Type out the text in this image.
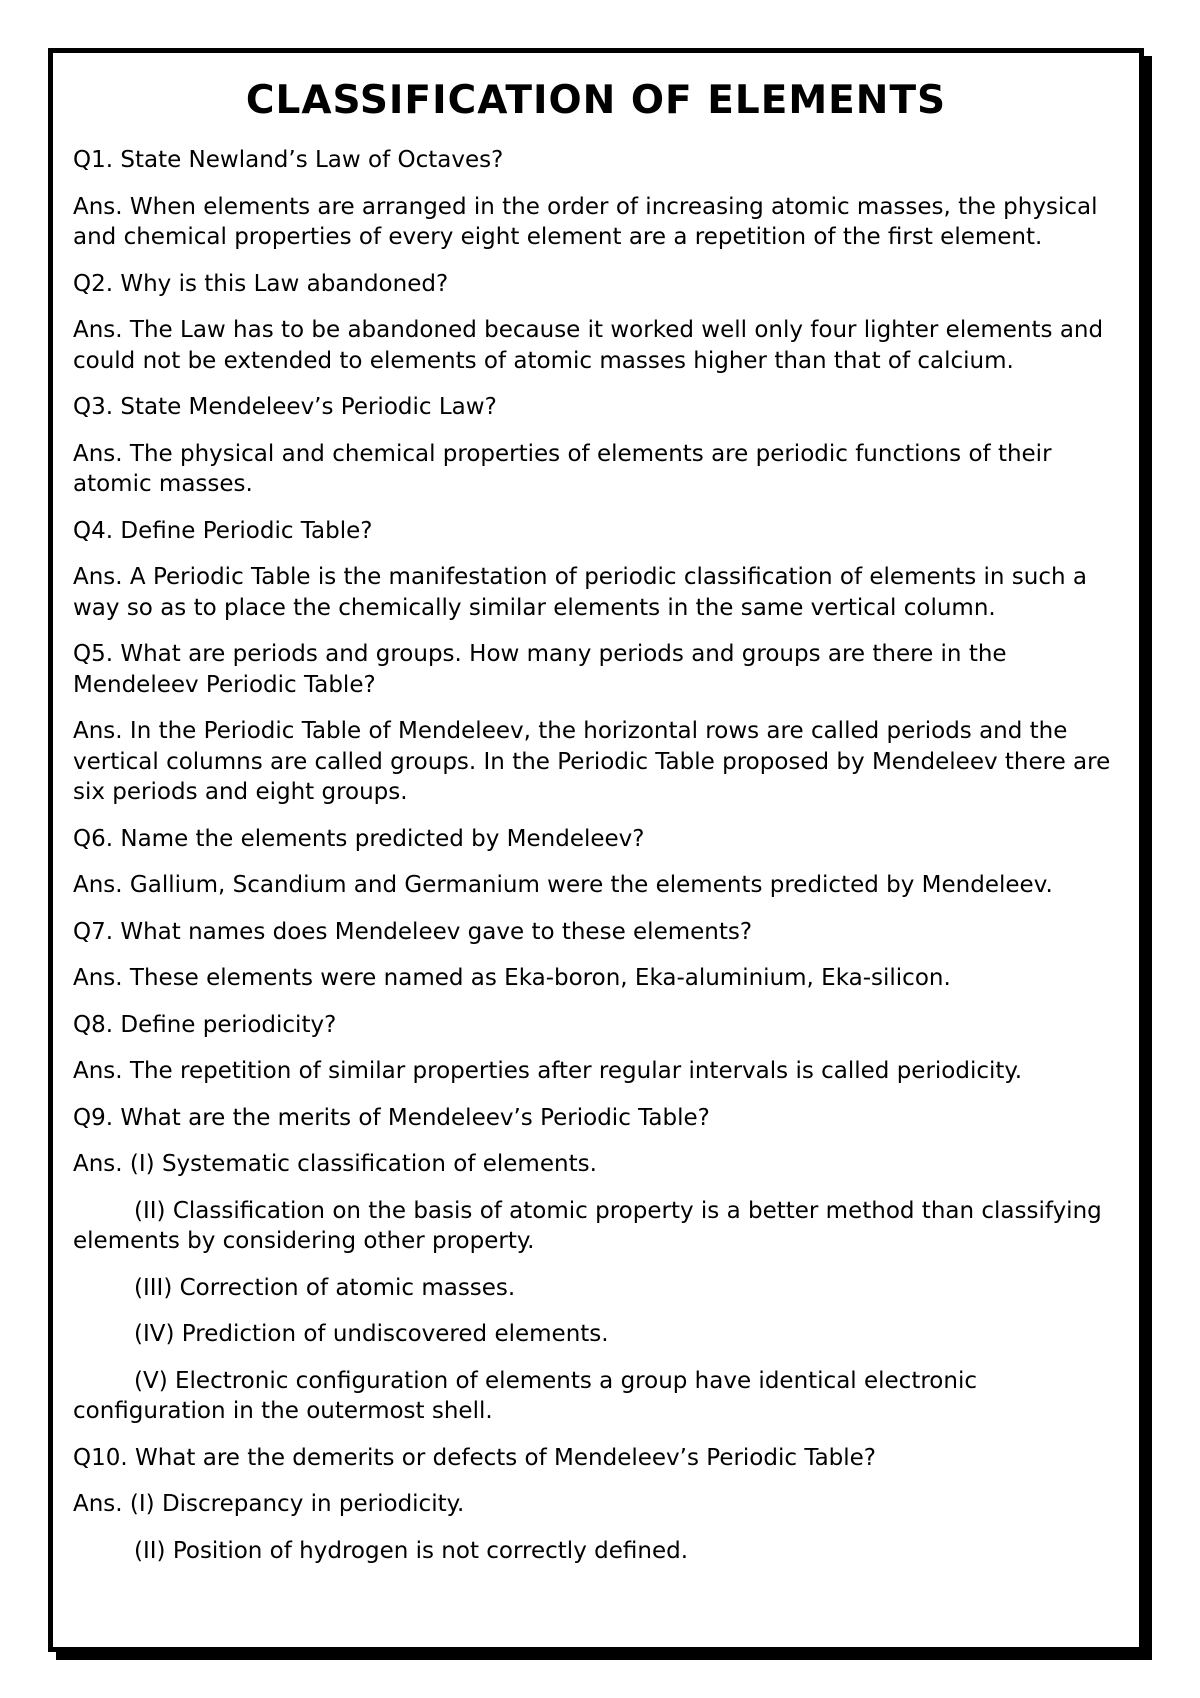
CLASSIFICATION OF ELEMENTS

Q1. State Newland’s Law of Octaves?

Ans. When elements are arranged in the order of increasing atomic masses, the physical and chemical properties of every eight element are a repetition of the first element.

Q2. Why is this Law abandoned?

Ans. The Law has to be abandoned because it worked well only four lighter elements and could not be extended to elements of atomic masses higher than that of calcium.

Q3. State Mendeleev’s Periodic Law?

Ans. The physical and chemical properties of elements are periodic functions of their atomic masses.

Q4. Define Periodic Table?

Ans. A Periodic Table is the manifestation of periodic classification of elements in such a way so as to place the chemically similar elements in the same vertical column.

Q5. What are periods and groups. How many periods and groups are there in the Mendeleev Periodic Table?

Ans. In the Periodic Table of Mendeleev, the horizontal rows are called periods and the vertical columns are called groups. In the Periodic Table proposed by Mendeleev there are six periods and eight groups.

Q6. Name the elements predicted by Mendeleev?

Ans. Gallium, Scandium and Germanium were the elements predicted by Mendeleev.

Q7. What names does Mendeleev gave to these elements?

Ans. These elements were named as Eka-boron, Eka-aluminium, Eka-silicon.

Q8. Define periodicity?

Ans. The repetition of similar properties after regular intervals is called periodicity.

Q9. What are the merits of Mendeleev’s Periodic Table?

Ans. (I) Systematic classification of elements.

(II) Classification on the basis of atomic property is a better method than classifying elements by considering other property.

(III) Correction of atomic masses.

(IV) Prediction of undiscovered elements.

(V) Electronic configuration of elements a group have identical electronic configuration in the outermost shell.

Q10. What are the demerits or defects of Mendeleev’s Periodic Table?

Ans. (I) Discrepancy in periodicity.

(II) Position of hydrogen is not correctly defined.
